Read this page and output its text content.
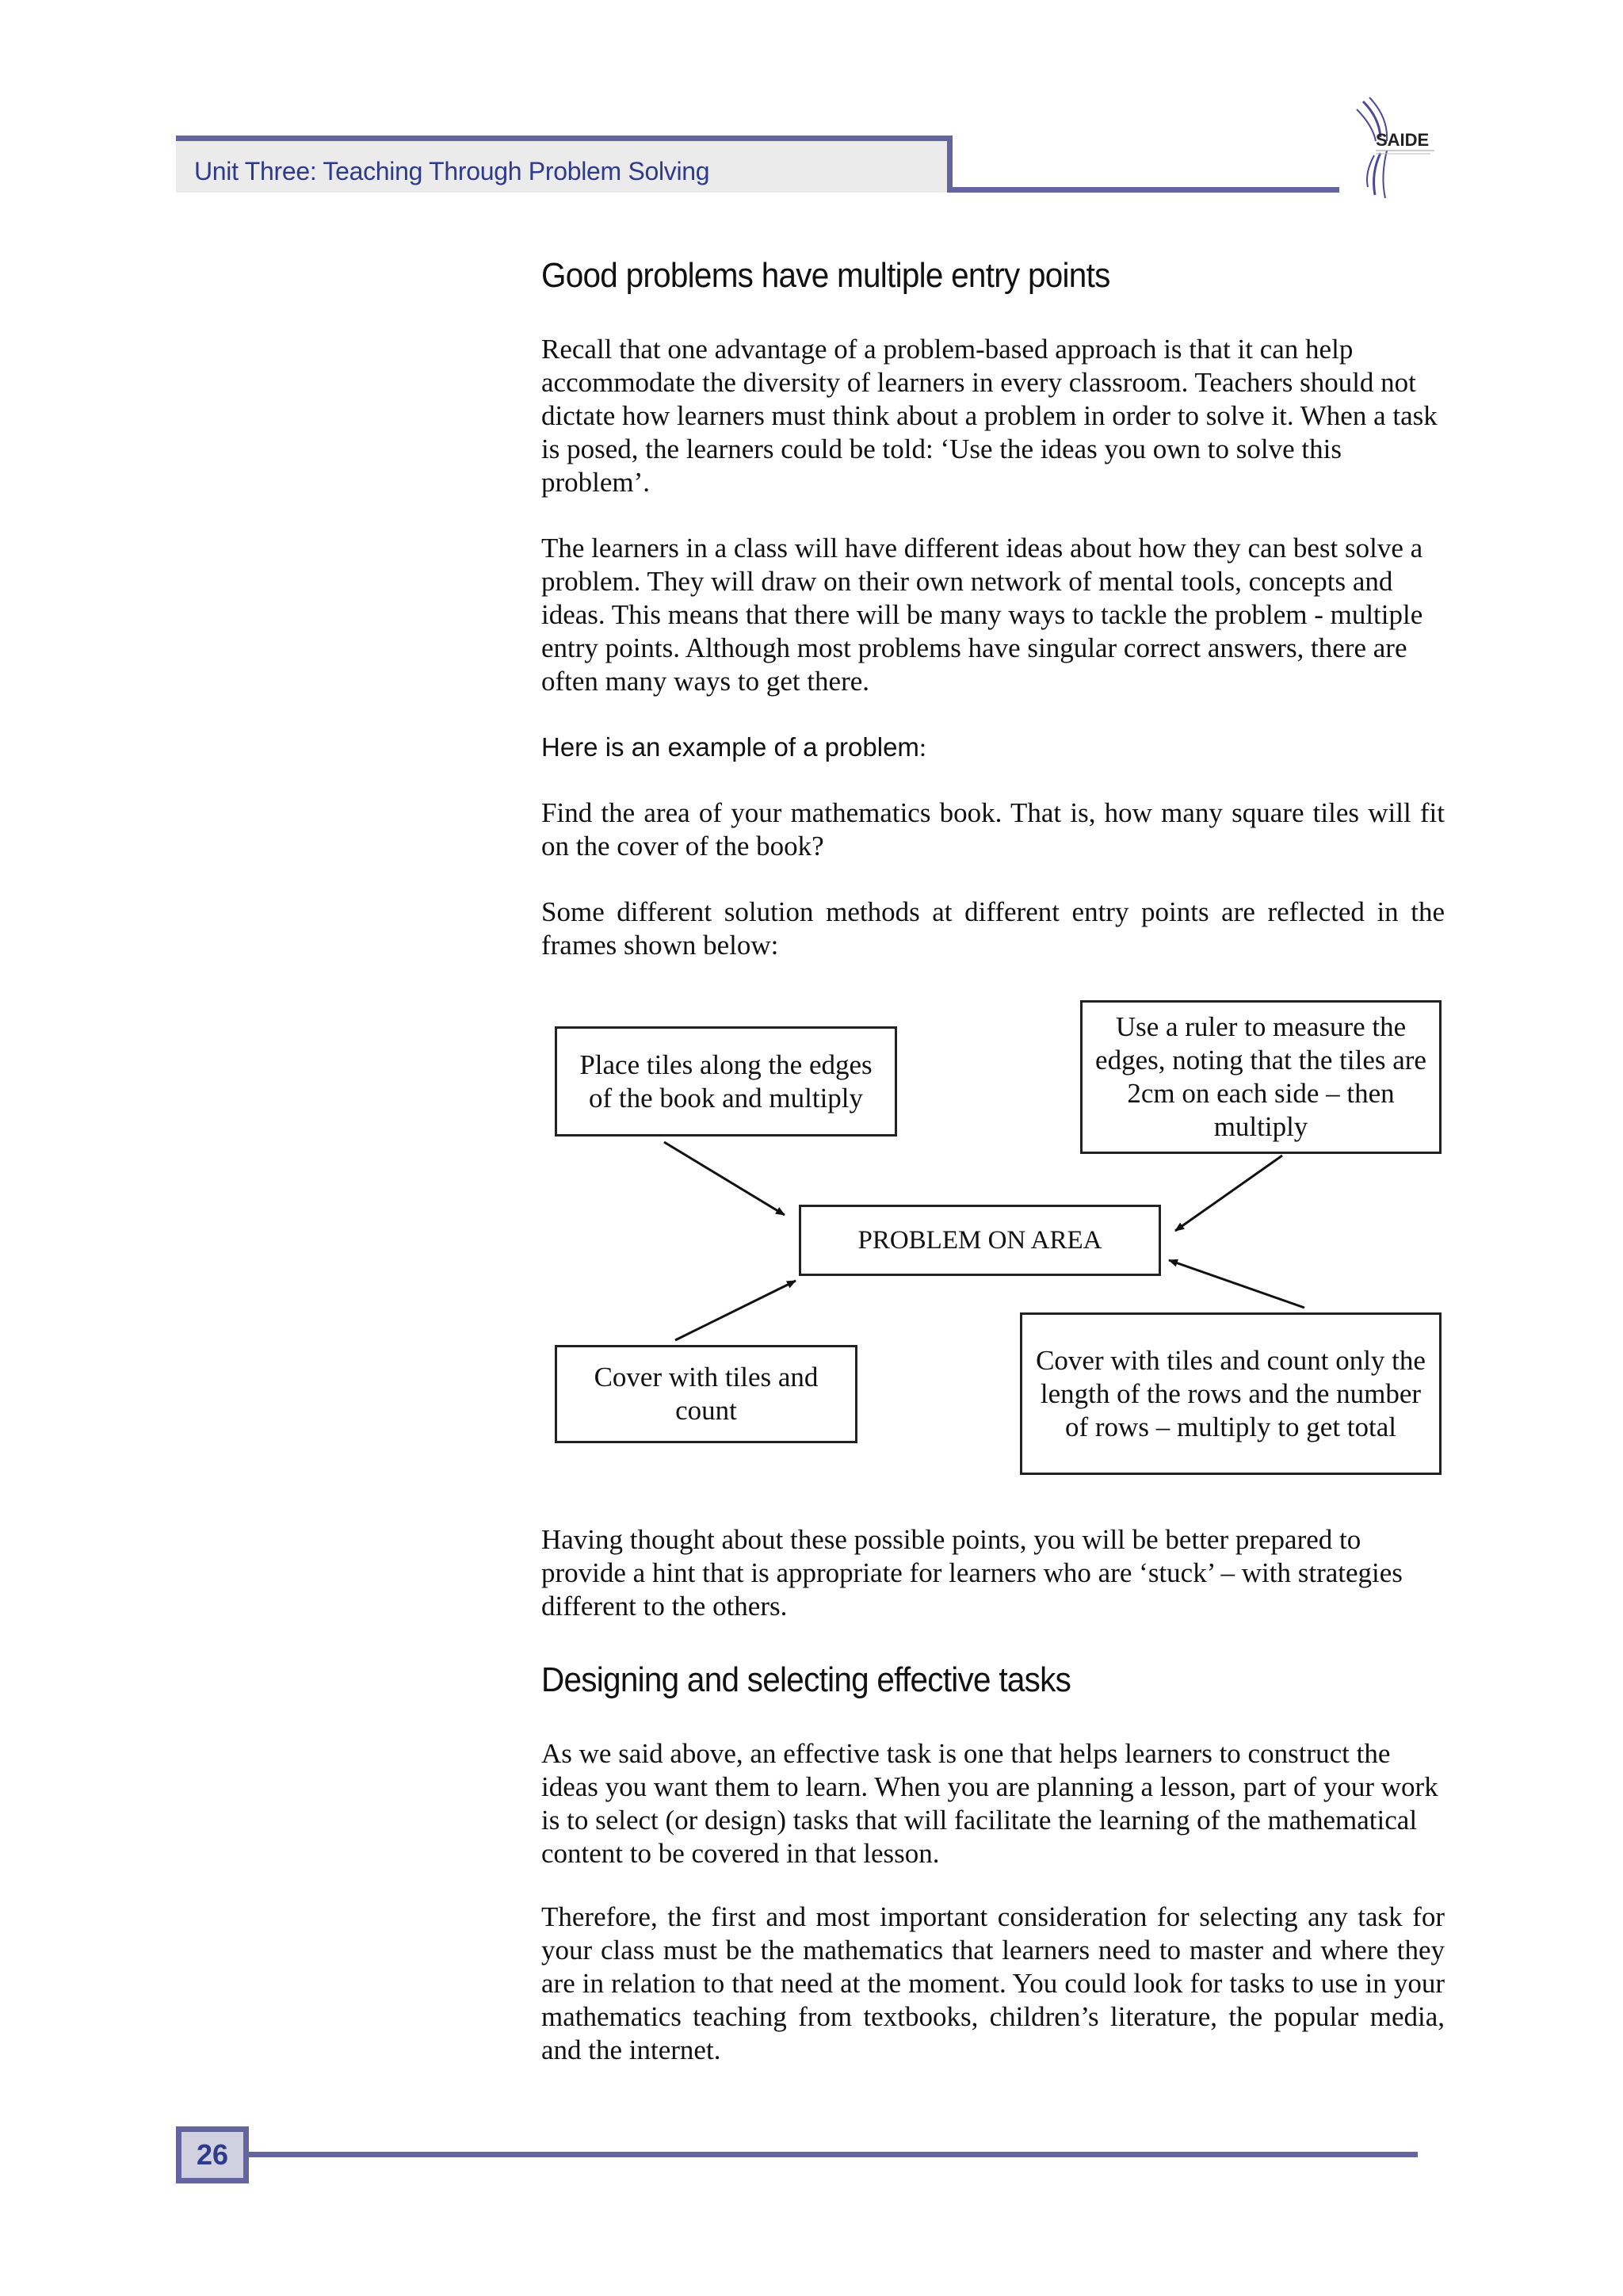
Unit Three: Teaching Through Problem Solving
SAIDE
Good problems have multiple entry points
Recall that one advantage of a problem-based approach is that it can help accommodate the diversity of learners in every classroom. Teachers should not dictate how learners must think about a problem in order to solve it. When a task is posed, the learners could be told: ‘Use the ideas you own to solve this problem’.
The learners in a class will have different ideas about how they can best solve a problem. They will draw on their own network of mental tools, concepts and ideas. This means that there will be many ways to tackle the problem - multiple entry points. Although most problems have singular correct answers, there are often many ways to get there.
Here is an example of a problem:
Find the area of your mathematics book. That is, how many square tiles will fit on the cover of the book?
Some different solution methods at different entry points are reflected in the frames shown below:
Place tiles along the edges of the book and multiply
Use a ruler to measure the edges, noting that the tiles are 2cm on each side – then multiply
PROBLEM ON AREA
Cover with tiles and count
Cover with tiles and count only the length of the rows and the number of rows – multiply to get total
Having thought about these possible points, you will be better prepared to provide a hint that is appropriate for learners who are ‘stuck’ – with strategies different to the others.
Designing and selecting effective tasks
As we said above, an effective task is one that helps learners to construct the ideas you want them to learn. When you are planning a lesson, part of your work is to select (or design) tasks that will facilitate the learning of the mathematical content to be covered in that lesson.
Therefore, the first and most important consideration for selecting any task for your class must be the mathematics that learners need to master and where they are in relation to that need at the moment. You could look for tasks to use in your mathematics teaching from textbooks, children’s literature, the popular media, and the internet.
26
